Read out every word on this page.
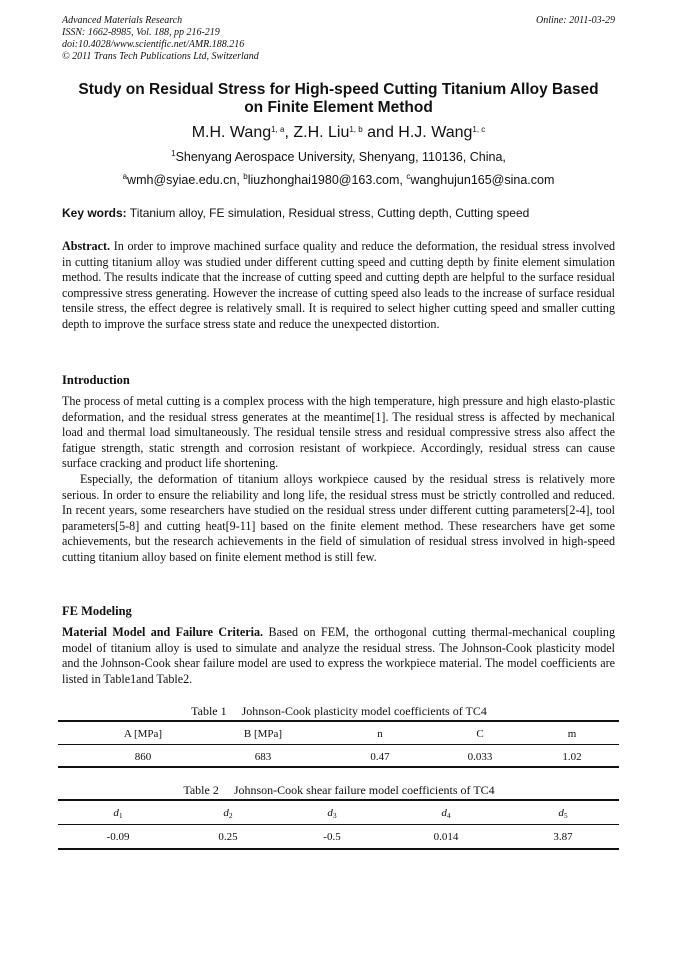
Advanced Materials Research
ISSN: 1662-8985, Vol. 188, pp 216-219
doi:10.4028/www.scientific.net/AMR.188.216
© 2011 Trans Tech Publications Ltd, Switzerland
Online: 2011-03-29
Study on Residual Stress for High-speed Cutting Titanium Alloy Based
on Finite Element Method
M.H. Wang$^{1, a}$, Z.H. Liu$^{1, b}$ and H.J. Wang$^{1, c}$
$^1$Shenyang Aerospace University, Shenyang, 110136, China,
$^a$wmh@syiae.edu.cn, $^b$liuzhonghai1980@163.com, $^c$wanghujun165@sina.com
Key words: Titanium alloy, FE simulation, Residual stress, Cutting depth, Cutting speed

Abstract. In order to improve machined surface quality and reduce the deformation, the residual stress involved in cutting titanium alloy was studied under different cutting speed and cutting depth by finite element simulation method. The results indicate that the increase of cutting speed and cutting depth are helpful to the surface residual compressive stress generating. However the increase of cutting speed also leads to the increase of surface residual tensile stress, the effect degree is relatively small. It is required to select higher cutting speed and smaller cutting depth to improve the surface stress state and reduce the unexpected distortion.

Introduction

The process of metal cutting is a complex process with the high temperature, high pressure and high elasto-plastic deformation, and the residual stress generates at the meantime[1]. The residual stress is affected by mechanical load and thermal load simultaneously. The residual tensile stress and residual compressive stress also affect the fatigue strength, static strength and corrosion resistant of workpiece. Accordingly, residual stress can cause surface cracking and product life shortening.

Especially, the deformation of titanium alloys workpiece caused by the residual stress is relatively more serious. In order to ensure the reliability and long life, the residual stress must be strictly controlled and reduced. In recent years, some researchers have studied on the residual stress under different cutting parameters[2-4], tool parameters[5-8] and cutting heat[9-11] based on the finite element method. These researchers have get some achievements, but the research achievements in the field of simulation of residual stress involved in high-speed cutting titanium alloy based on finite element method is still few.

FE Modeling

Material Model and Failure Criteria. Based on FEM, the orthogonal cutting thermal-mechanical coupling model of titanium alloy is used to simulate and analyze the residual stress. The Johnson-Cook plasticity model and the Johnson-Cook shear failure model are used to express the workpiece material. The model coefficients are listed in Table1and Table2.

Table 1  Johnson-Cook plasticity model coefficients of TC4
A [MPa]	B [MPa]	n	C	m
860	683	0.47	0.033	1.02
Table 2  Johnson-Cook shear failure model coefficients of TC4
$d_1$	$d_2$	$d_3$	$d_4$	$d_5$
-0.09	0.25	-0.5	0.014	3.87
